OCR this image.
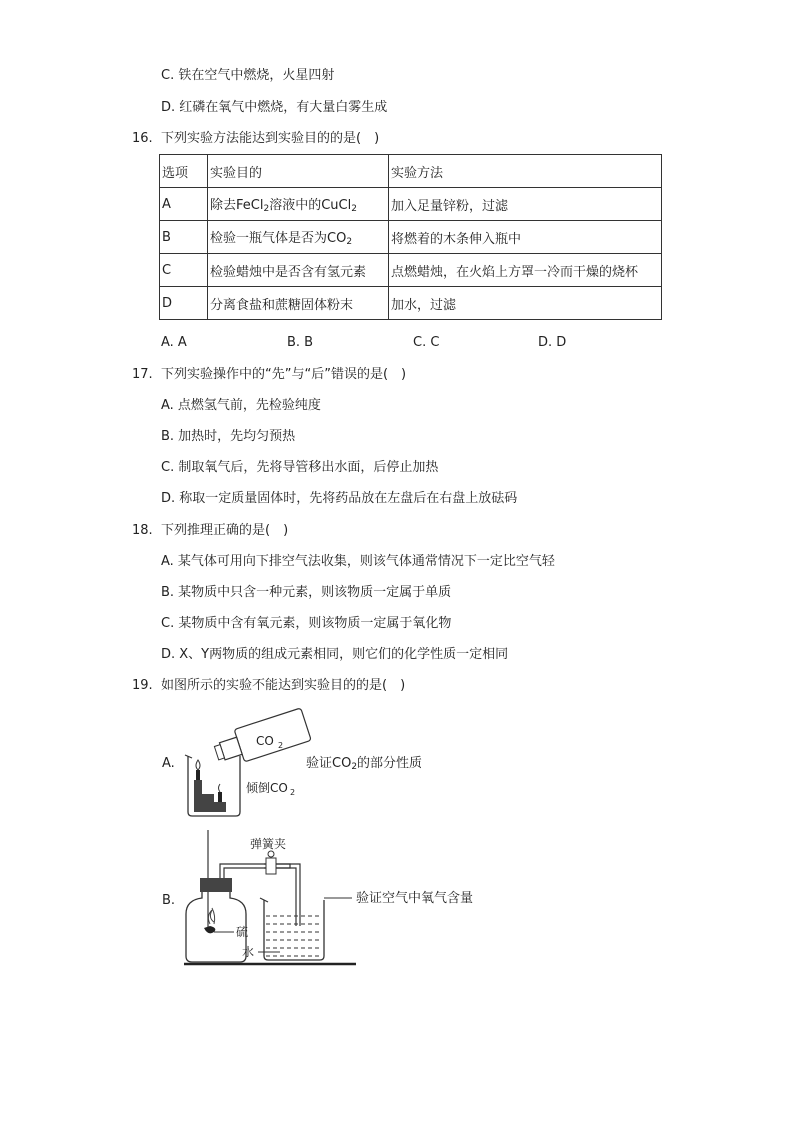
C. 铁在空气中燃烧，火星四射
D. 红磷在氧气中燃烧，有大量白雾生成
16. 下列实验方法能达到实验目的的是(　)
选项	实验目的	实验方法
A	除去FeCl$_2$溶液中的CuCl$_2$	加入足量锌粉，过滤
B	检验一瓶气体是否为$CO_2$	将燃着的木条伸入瓶中
C	检验蜡烛中是否含有氢元素	点燃蜡烛，在火焰上方罩一冷而干燥的烧杯
D	分离食盐和蔗糖固体粉末	加水，过滤
A. A	B. B	C. C	D. D
17. 下列实验操作中的“先”与“后”错误的是(　)
A. 点燃氢气前，先检验纯度
B. 加热时，先均匀预热
C. 制取氧气后，先将导管移出水面，后停止加热
D. 称取一定质量固体时，先将药品放在左盘后在右盘上放砝码
18. 下列推理正确的是(　)
A. 某气体可用向下排空气法收集，则该气体通常情况下一定比空气轻
B. 某物质中只含一种元素，则该物质一定属于单质
C. 某物质中含有氧元素，则该物质一定属于氧化物
D. X、Y两物质的组成元素相同，则它们的化学性质一定相同
19. 如图所示的实验不能达到实验目的的是(　)
A.
CO 2
倾倒CO 2
验证$CO_2$的部分性质
B.
弹簧夹
硫
水
验证空气中氧气含量
